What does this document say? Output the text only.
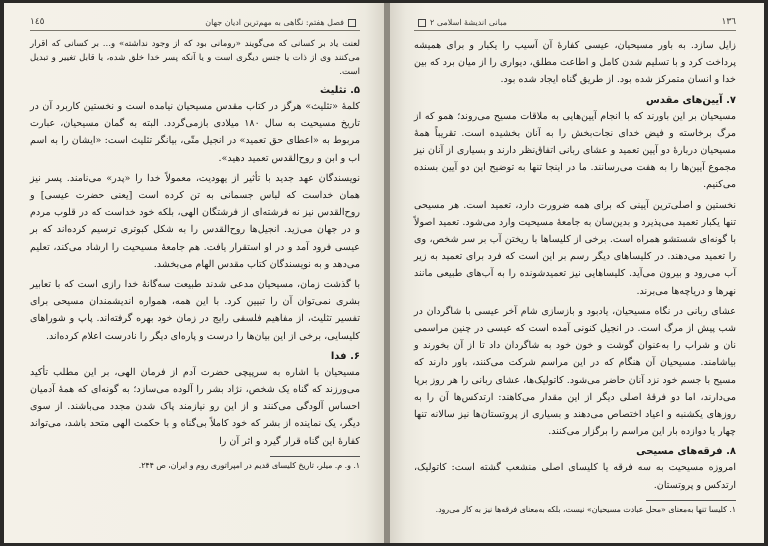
فصل هفتم: نگاهی به مهم‌ترین ادیان جهان
١٤٥

لعنت یاد بر کسانی که می‌گویند «رومانی بود که از وجود نداشته» و... بر کسانی که اقرار می‌کنند وی از ذات یا جنس دیگری است و یا آنکه پسر خدا خلق شده، یا قابل تغییر و تبدیل است.

۵. تثلیث

کلمهٔ «تثلیث» هرگز در کتاب مقدس مسیحیان نیامده است و نخستین کاربرد آن در تاریخ مسیحیت به سال ۱۸۰ میلادی بازمی‌گردد. البته به گمان مسیحیان، عبارت مربوط به «اعطای حق تعمید» در انجیل متّی، بیانگر تثلیث است: «ایشان را به اسم اب و ابن و روح‌القدس تعمید دهید».

نویسندگان عهد جدید با تأثیر از یهودیت، معمولاً خدا را «پدر» می‌نامند. پسر نیز همان خداست که لباس جسمانی به تن کرده است [یعنی حضرت عیسی] و روح‌القدس نیز نه فرشته‌ای از فرشتگان الهی، بلکه خود خداست که در قلوب مردم و در جهان می‌زید. انجیل‌ها روح‌القدس را به شکل کبوتری ترسیم کرده‌اند که بر عیسی فرود آمد و در او استقرار یافت. هم جامعهٔ مسیحیت را ارشاد می‌کند، تعلیم می‌دهد و به نویسندگان کتاب مقدس الهام می‌بخشد.

با گذشت زمان، مسیحیان مدعی شدند طبیعت سه‌گانهٔ خدا رازی است که با تعابیر بشری نمی‌توان آن را تبیین کرد. با این همه، همواره اندیشمندان مسیحی برای تفسیر تثلیث، از مفاهیم فلسفی رایج در زمان خود بهره گرفته‌اند. پاپ و شوراهای کلیسایی، برخی از این بیان‌ها را درست و پاره‌ای دیگر را نادرست اعلام کرده‌اند.

۶. فدا

مسیحیان با اشاره به سرپیچی حضرت آدم از فرمان الهی، بر این مطلب تأکید می‌ورزند که گناه یک شخص، نژاد بشر را آلوده می‌سازد؛ به گونه‌ای که همهٔ آدمیان احساس آلودگی می‌کنند و از این رو نیازمند پاک شدن مجدد می‌باشند. از سوی دیگر، یک نماینده از بشر که خود کاملاً بی‌گناه و با حکمت الهی متحد باشد، می‌تواند کفارهٔ این گناه قرار گیرد و اثر آن را

۱. و. م. میلر، تاریخ کلیسای قدیم در امپراتوری روم و ایران، ص ۲۴۴.

١٣٦
مبانی اندیشهٔ اسلامی ۲

زایل سازد. به باور مسیحیان، عیسی کفارهٔ آن آسیب را یکبار و برای همیشه پرداخت کرد و با تسلیم شدن کامل و اطاعت مطلق، دیواری را از میان برد که بین خدا و انسان متمرکز شده بود. از طریق گناه ایجاد شده بود.

۷. آیین‌های مقدس

مسیحیان بر این باورند که با انجام آیین‌هایی به ملاقات مسیح می‌روند؛ همو که از مرگ برخاسته و فیض خدای نجات‌بخش را به آنان بخشیده است. تقریباً همهٔ مسیحیان دربارهٔ دو آیین تعمید و عشای ربانی اتفاق‌نظر دارند و بسیاری از آنان نیز مجموع آیین‌ها را به هفت می‌رسانند. ما در اینجا تنها به توضیح این دو آیین بسنده می‌کنیم.

نخستین و اصلی‌ترین آیینی که برای همه ضرورت دارد، تعمید است. هر مسیحی تنها یکبار تعمید می‌پذیرد و بدین‌سان به جامعهٔ مسیحیت وارد می‌شود. تعمید اصولاً با گونه‌ای شستشو همراه است. برخی از کلیساها با ریختن آب بر سر شخص، وی را تعمید می‌دهند. در کلیساهای دیگر رسم بر این است که فرد برای تعمید به زیر آب می‌رود و بیرون می‌آید. کلیساهایی نیز تعمیدشونده را به آب‌های طبیعی مانند نهرها و دریاچه‌ها می‌برند.

عشای ربانی در نگاه مسیحیان، یادبود و بازسازی شام آخر عیسی با شاگردان در شب پیش از مرگ است. در انجیل کنونی آمده است که عیسی در چنین مراسمی نان و شراب را به‌عنوان گوشت و خون خود به شاگردان داد تا از آن بخورند و بیاشامند. مسیحیان آن هنگام که در این مراسم شرکت می‌کنند، باور دارند که مسیح با جسم خود نزد آنان حاضر می‌شود. کاتولیک‌ها، عشای ربانی را هر روز برپا می‌دارند، اما دو فرقهٔ اصلی دیگر از این مقدار می‌کاهند: ارتدکس‌ها آن را به روزهای یکشنبه و اعیاد اختصاص می‌دهند و بسیاری از پروتستان‌ها نیز سالانه تنها چهار یا دوازده بار این مراسم را برگزار می‌کنند.

۸. فرقه‌های مسیحی

امروزه مسیحیت به سه فرقه یا کلیسای اصلی منشعب گشته است: کاتولیک، ارتدکس و پروتستان.

۱. کلیسا تنها به‌معنای «محل عبادت مسیحیان» نیست، بلکه به‌معنای فرقه‌ها نیز به کار می‌رود.
